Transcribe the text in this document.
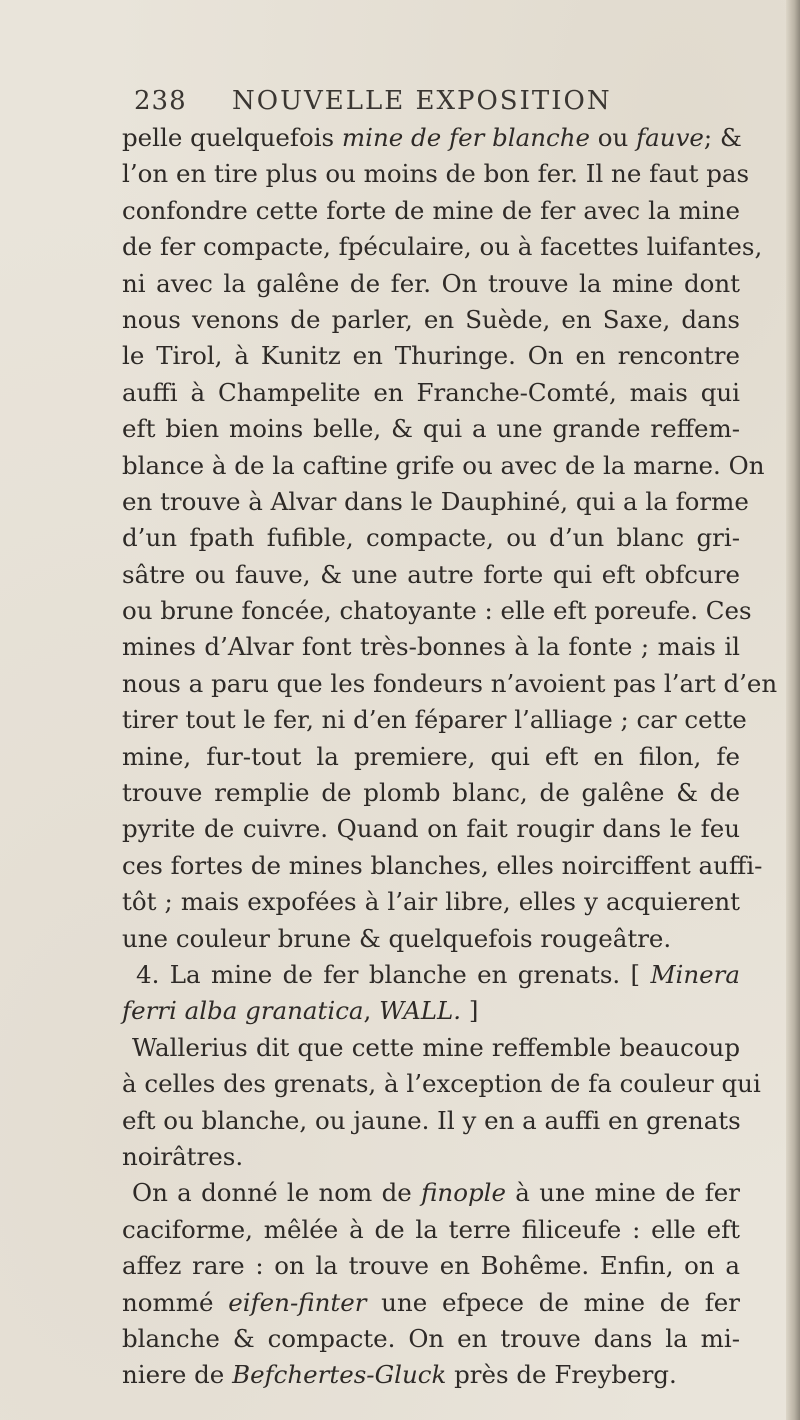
238 NOUVELLE EXPOSITION
pelle quelquefois mine de fer blanche ou fauve; &
l’on en tire plus ou moins de bon fer. Il ne faut pas
confondre cette forte de mine de fer avec la mine
de fer compacte, fpéculaire, ou à facettes luifantes,
ni avec la galêne de fer. On trouve la mine dont
nous venons de parler, en Suède, en Saxe, dans
le Tirol, à Kunitz en Thuringe. On en rencontre
auffi à Champelite en Franche-Comté, mais qui
eft bien moins belle, & qui a une grande reffem-
blance à de la caftine grife ou avec de la marne. On
en trouve à Alvar dans le Dauphiné, qui a la forme
d’un fpath fufible, compacte, ou d’un blanc gri-
sâtre ou fauve, & une autre forte qui eft obfcure
ou brune foncée, chatoyante : elle eft poreufe. Ces
mines d’Alvar font très-bonnes à la fonte ; mais il
nous a paru que les fondeurs n’avoient pas l’art d’en
tirer tout le fer, ni d’en féparer l’alliage ; car cette
mine, fur-tout la premiere, qui eft en filon, fe
trouve remplie de plomb blanc, de galêne & de
pyrite de cuivre. Quand on fait rougir dans le feu
ces fortes de mines blanches, elles noirciffent auffi-
tôt ; mais expofées à l’air libre, elles y acquierent
une couleur brune & quelquefois rougeâtre.
4. La mine de fer blanche en grenats. [ Minera
ferri alba granatica, WALL. ]
Wallerius dit que cette mine reffemble beaucoup
à celles des grenats, à l’exception de fa couleur qui
eft ou blanche, ou jaune. Il y en a auffi en grenats
noirâtres.
On a donné le nom de finople à une mine de fer
caciforme, mêlée à de la terre filiceufe : elle eft
affez rare : on la trouve en Bohême. Enfin, on a
nommé eifen-finter une efpece de mine de fer
blanche & compacte. On en trouve dans la mi-
niere de Befchertes-Gluck près de Freyberg.
